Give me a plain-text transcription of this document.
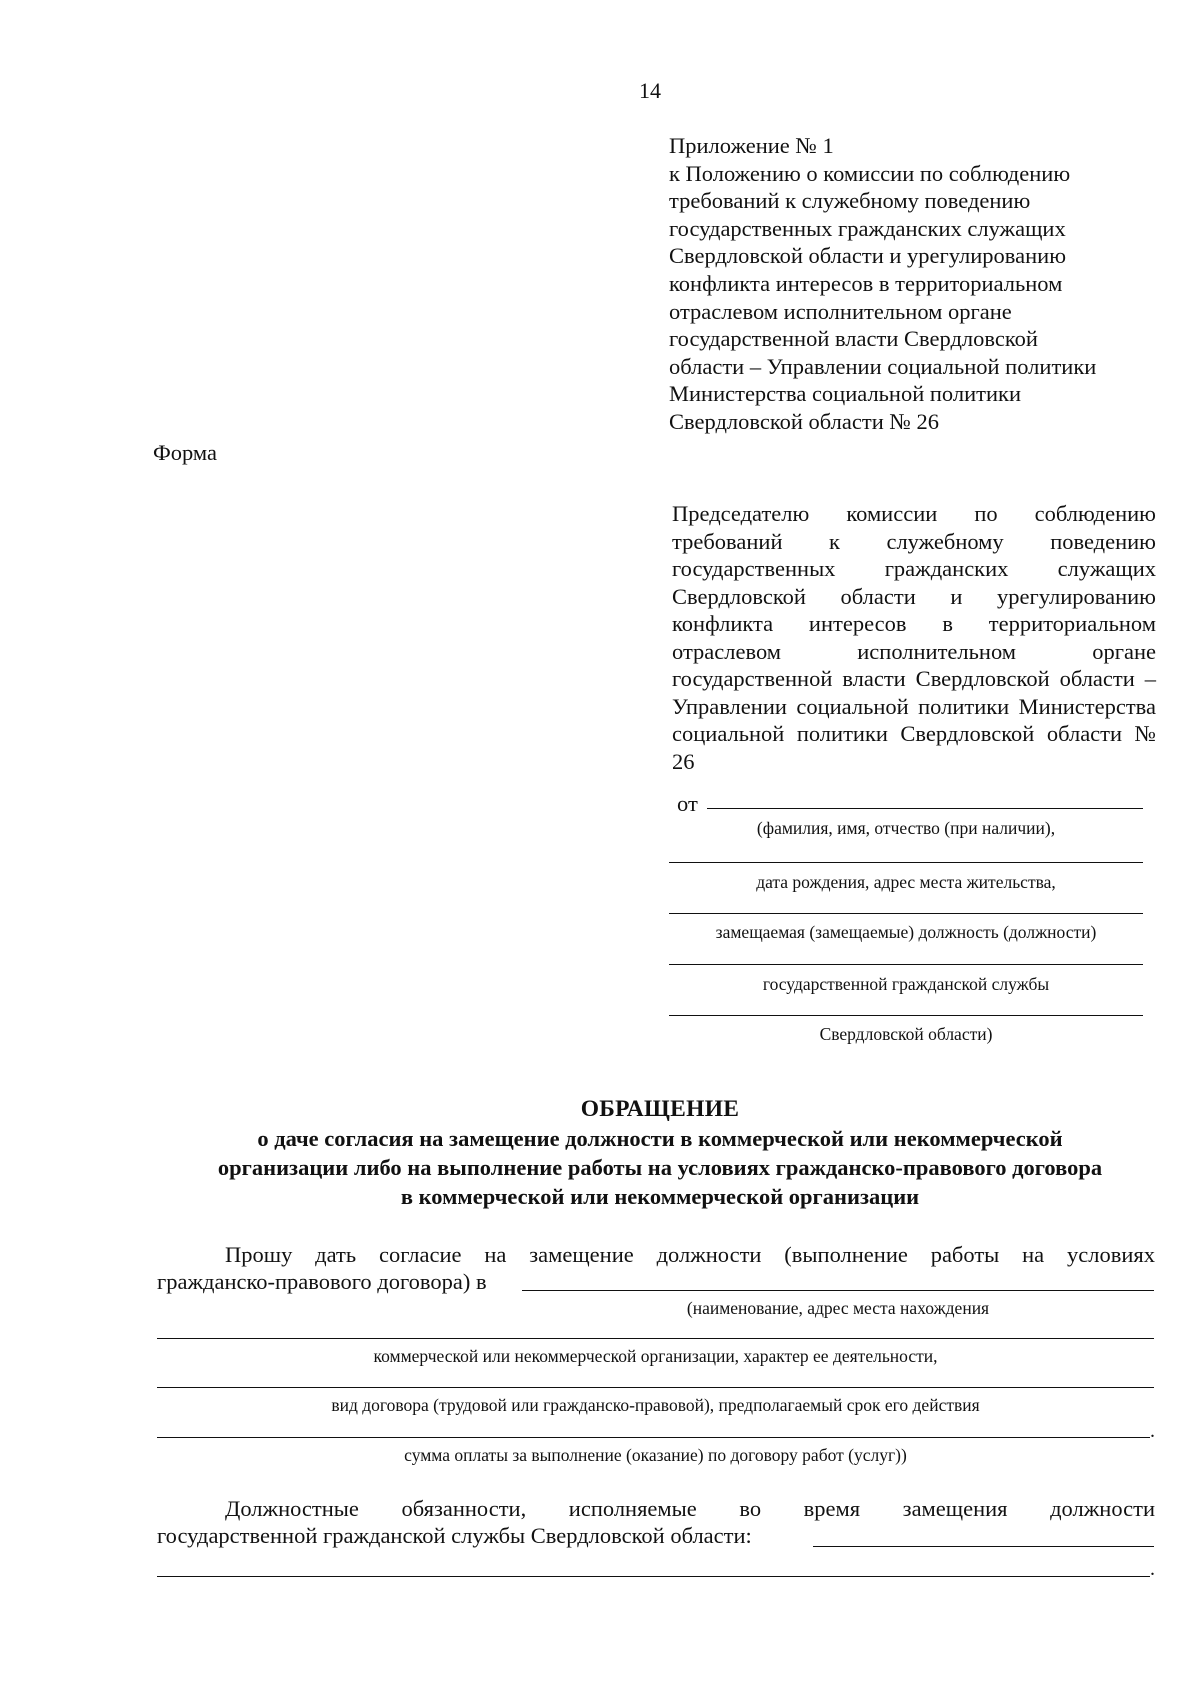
14
Приложение № 1
к Положению о комиссии по соблюдению
требований к служебному поведению
государственных гражданских служащих
Свердловской области и урегулированию
конфликта интересов в территориальном
отраслевом исполнительном органе
государственной власти Свердловской
области – Управлении социальной политики
Министерства социальной политики
Свердловской области № 26
Форма
Председателю комиссии по соблюдению требований к служебному поведению государственных гражданских служащих Свердловской области и урегулированию конфликта интересов в территориальном отраслевом исполнительном органе государственной власти Свердловской области – Управлении социальной политики Министерства социальной политики Свердловской области № 26
от
(фамилия, имя, отчество (при наличии),
дата рождения, адрес места жительства,
замещаемая (замещаемые) должность (должности)
государственной гражданской службы
Свердловской области)
ОБРАЩЕНИЕ
о даче согласия на замещение должности в коммерческой или некоммерческой
организации либо на выполнение работы на условиях гражданско-правового договора
в коммерческой или некоммерческой организации
Прошу дать согласие на замещение должности (выполнение работы на условиях
гражданско-правового договора) в
(наименование, адрес места нахождения
коммерческой или некоммерческой организации, характер ее деятельности,
вид договора (трудовой или гражданско-правовой), предполагаемый срок его действия
.
сумма оплаты за выполнение (оказание) по договору работ (услуг))
Должностные обязанности, исполняемые во время замещения должности
государственной гражданской службы Свердловской области:
.
